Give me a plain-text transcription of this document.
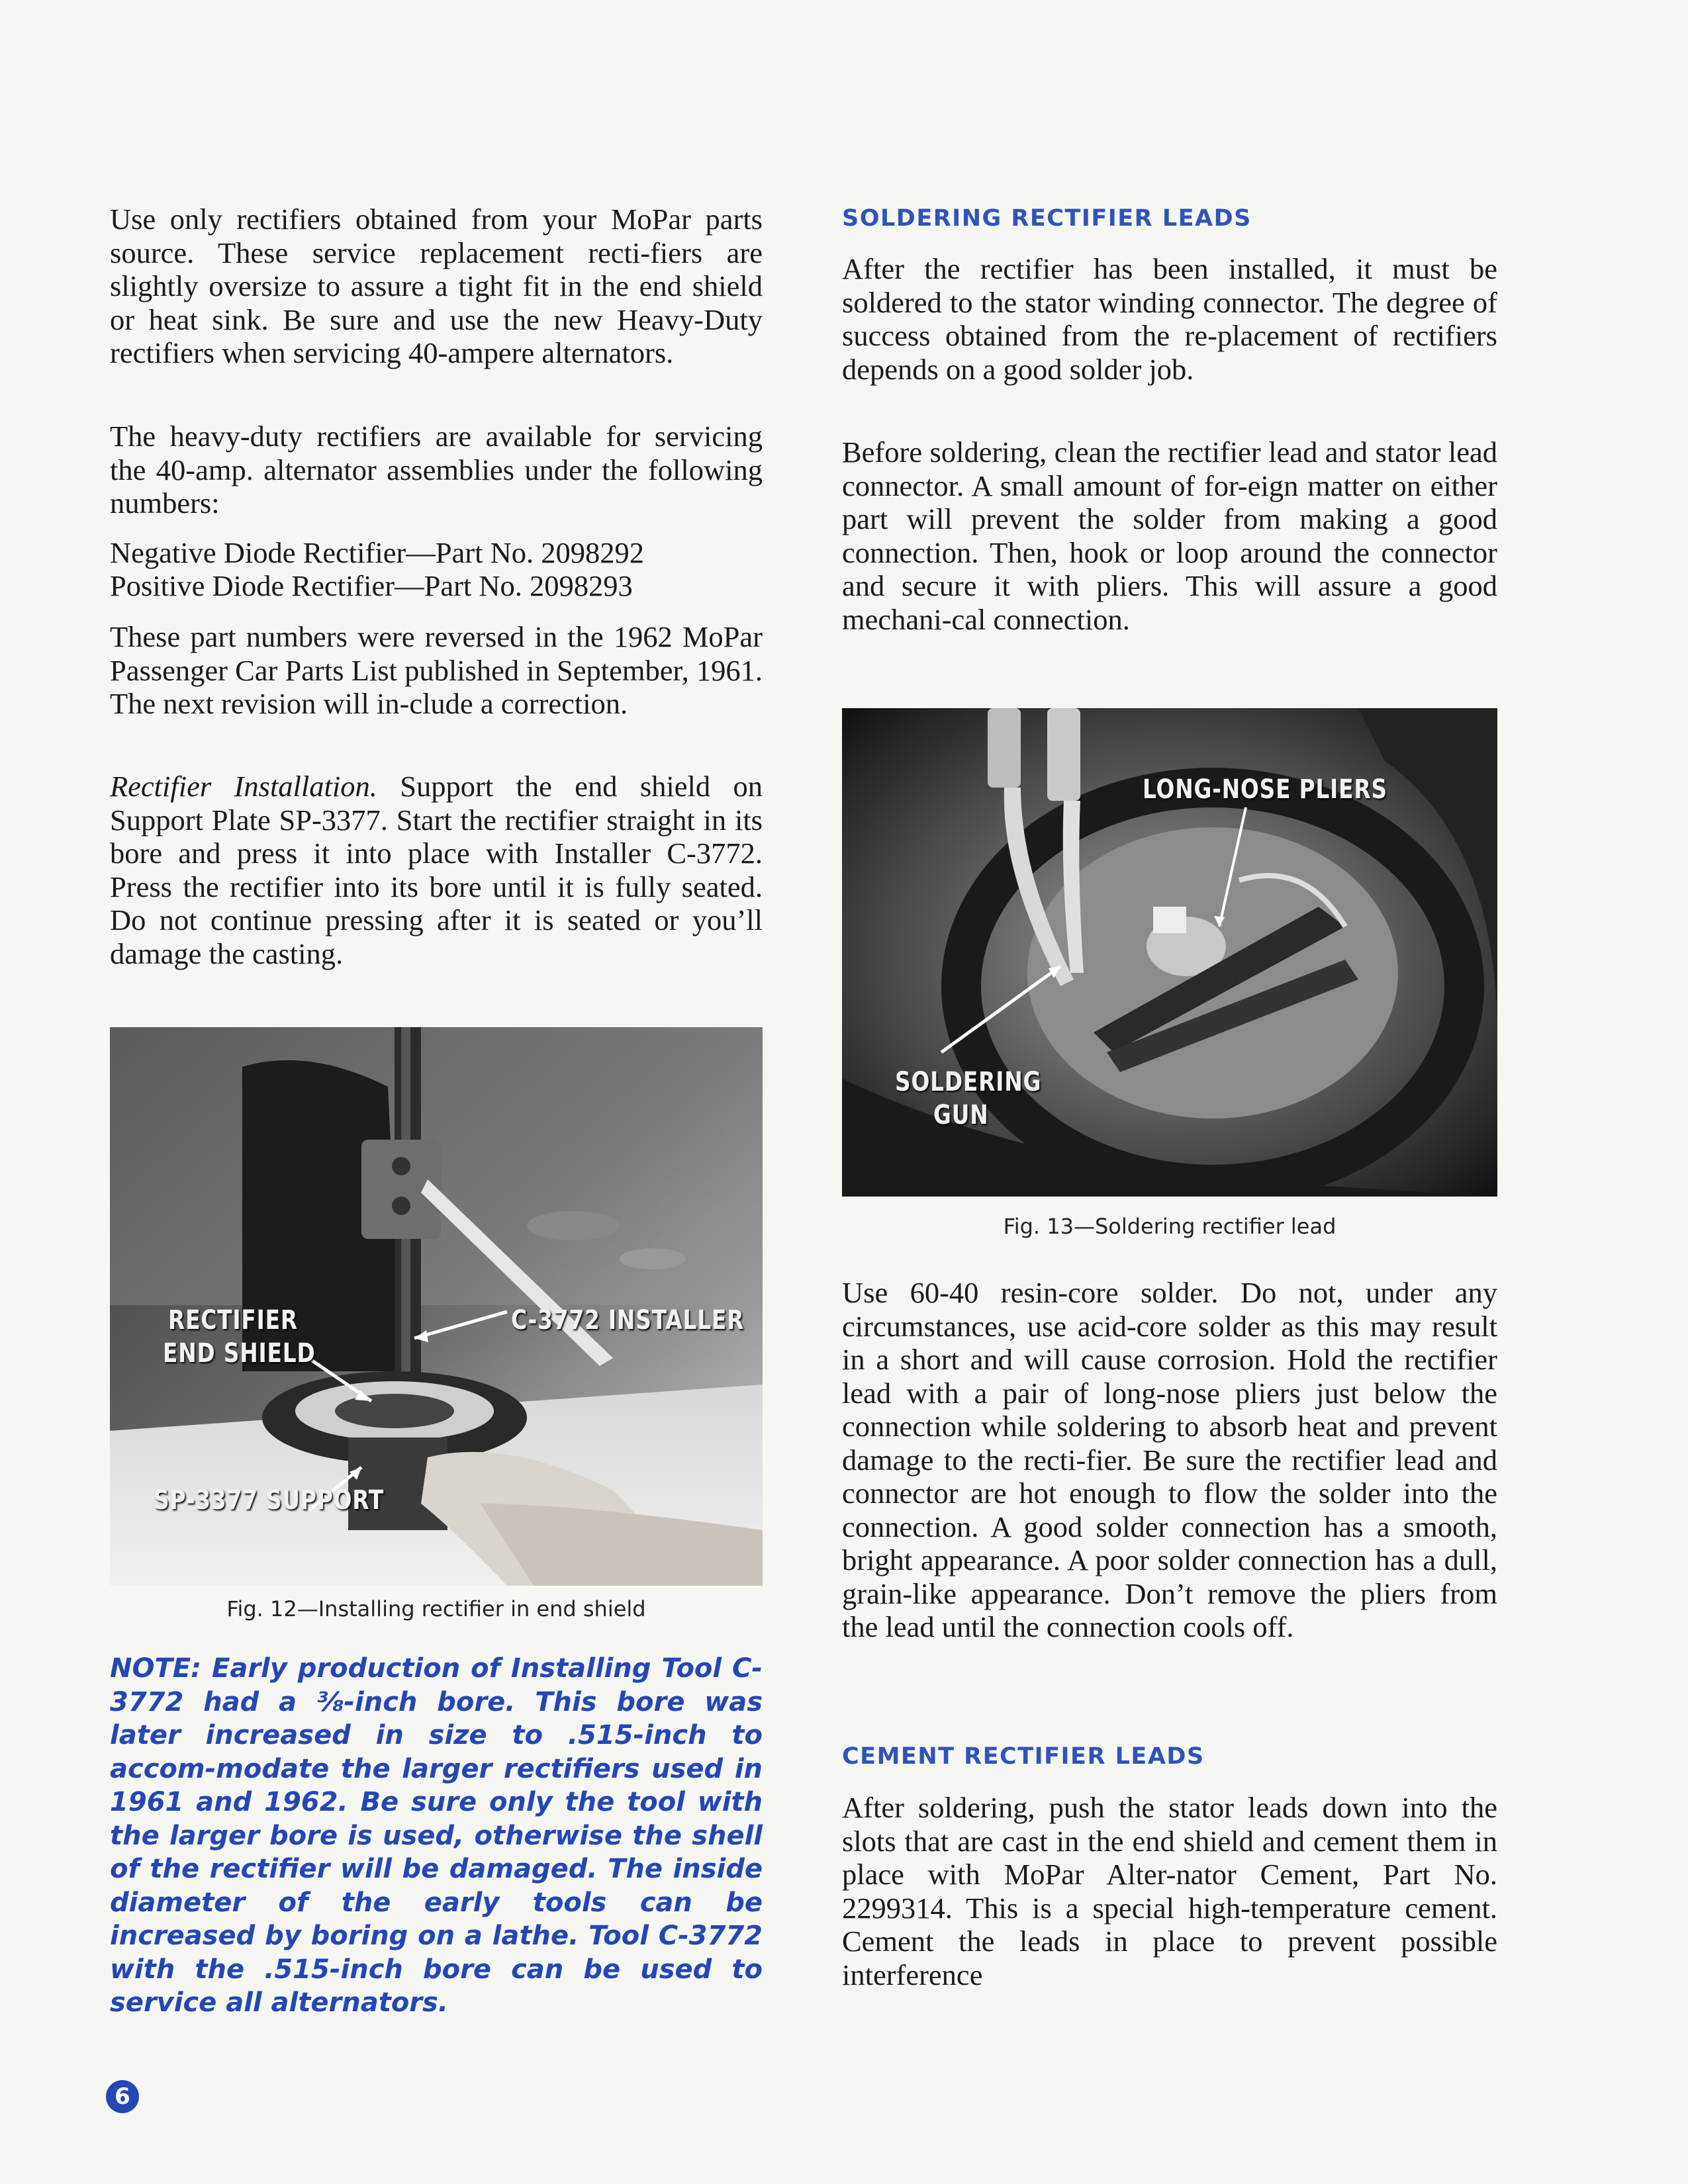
Use only rectifiers obtained from your MoPar parts source. These service replacement recti-fiers are slightly oversize to assure a tight fit in the end shield or heat sink. Be sure and use the new Heavy-Duty rectifiers when servicing 40-ampere alternators.

The heavy-duty rectifiers are available for servicing the 40-amp. alternator assemblies under the following numbers:

Negative Diode Rectifier—Part No. 2098292

Positive Diode Rectifier—Part No. 2098293

These part numbers were reversed in the 1962 MoPar Passenger Car Parts List published in September, 1961. The next revision will in-clude a correction.

Rectifier Installation. Support the end shield on Support Plate SP-3377. Start the rectifier straight in its bore and press it into place with Installer C-3772. Press the rectifier into its bore until it is fully seated. Do not continue pressing after it is seated or you’ll damage the casting.

RECTIFIER
END SHIELD
C-3772 INSTALLER
SP-3377 SUPPORT

Fig. 12—Installing rectifier in end shield

NOTE: Early production of Installing Tool C-3772 had a ⅜-inch bore. This bore was later increased in size to .515-inch to accom-modate the larger rectifiers used in 1961 and 1962. Be sure only the tool with the larger bore is used, otherwise the shell of the rectifier will be damaged. The inside diameter of the early tools can be increased by boring on a lathe. Tool C-3772 with the .515-inch bore can be used to service all alternators.

SOLDERING RECTIFIER LEADS

After the rectifier has been installed, it must be soldered to the stator winding connector. The degree of success obtained from the re-placement of rectifiers depends on a good solder job.

Before soldering, clean the rectifier lead and stator lead connector. A small amount of for-eign matter on either part will prevent the solder from making a good connection. Then, hook or loop around the connector and secure it with pliers. This will assure a good mechani-cal connection.

LONG-NOSE PLIERS
SOLDERING
GUN

Fig. 13—Soldering rectifier lead

Use 60-40 resin-core solder. Do not, under any circumstances, use acid-core solder as this may result in a short and will cause corrosion. Hold the rectifier lead with a pair of long-nose pliers just below the connection while soldering to absorb heat and prevent damage to the recti-fier. Be sure the rectifier lead and connector are hot enough to flow the solder into the connection. A good solder connection has a smooth, bright appearance. A poor solder connection has a dull, grain-like appearance. Don’t remove the pliers from the lead until the connection cools off.

CEMENT RECTIFIER LEADS

After soldering, push the stator leads down into the slots that are cast in the end shield and cement them in place with MoPar Alter-nator Cement, Part No. 2299314. This is a special high-temperature cement. Cement the leads in place to prevent possible interference

6
